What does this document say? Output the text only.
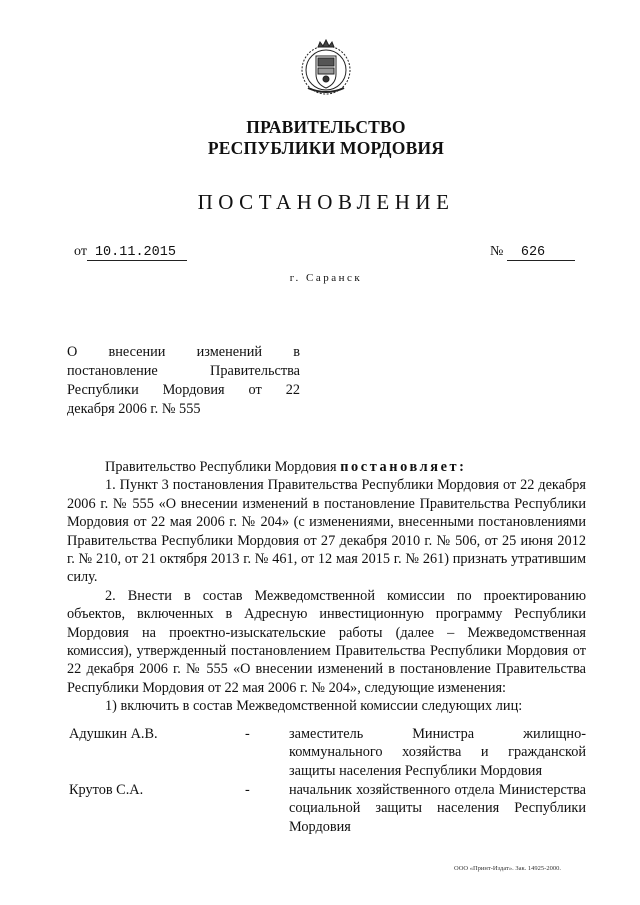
ПРАВИТЕЛЬСТВО
РЕСПУБЛИКИ МОРДОВИЯ
ПОСТАНОВЛЕНИЕ
от 10.11.2015	№ 626
г. Саранск
О внесении изменений в
постановление Правительства
Республики Мордовия от 22
декабря 2006 г. № 555

Правительство Республики Мордовия постановляет:

1. Пункт 3 постановления Правительства Республики Мордовия от 22 декабря 2006 г. № 555 «О внесении изменений в постановление Правительства Республики Мордовия от 22 мая 2006 г. № 204» (с изменениями, внесенными постановлениями Правительства Республики Мордовия от 27 декабря 2010 г. № 506, от 25 июня 2012 г. № 210, от 21 октября 2013 г. № 461, от 12 мая 2015 г. № 261) признать утратившим силу.

2. Внести в состав Межведомственной комиссии по проектированию объектов, включенных в Адресную инвестиционную программу Республики Мордовия на проектно-изыскательские работы (далее – Межведомственная комиссия), утвержденный постановлением Правительства Республики Мордовия от 22 декабря 2006 г. № 555 «О внесении изменений в постановление Правительства Республики Мордовия от 22 мая 2006 г. № 204», следующие изменения:

1) включить в состав Межведомственной комиссии следующих лиц:

Адушкин А.В.	-	заместитель Министра жилищно-коммунального хозяйства и гражданской защиты населения Республики Мордовия
Крутов С.А.	-	начальник хозяйственного отдела Министерства социальной защиты населения Республики Мордовия
ООО «Принт-Издат». Зак. 14925-2000.
